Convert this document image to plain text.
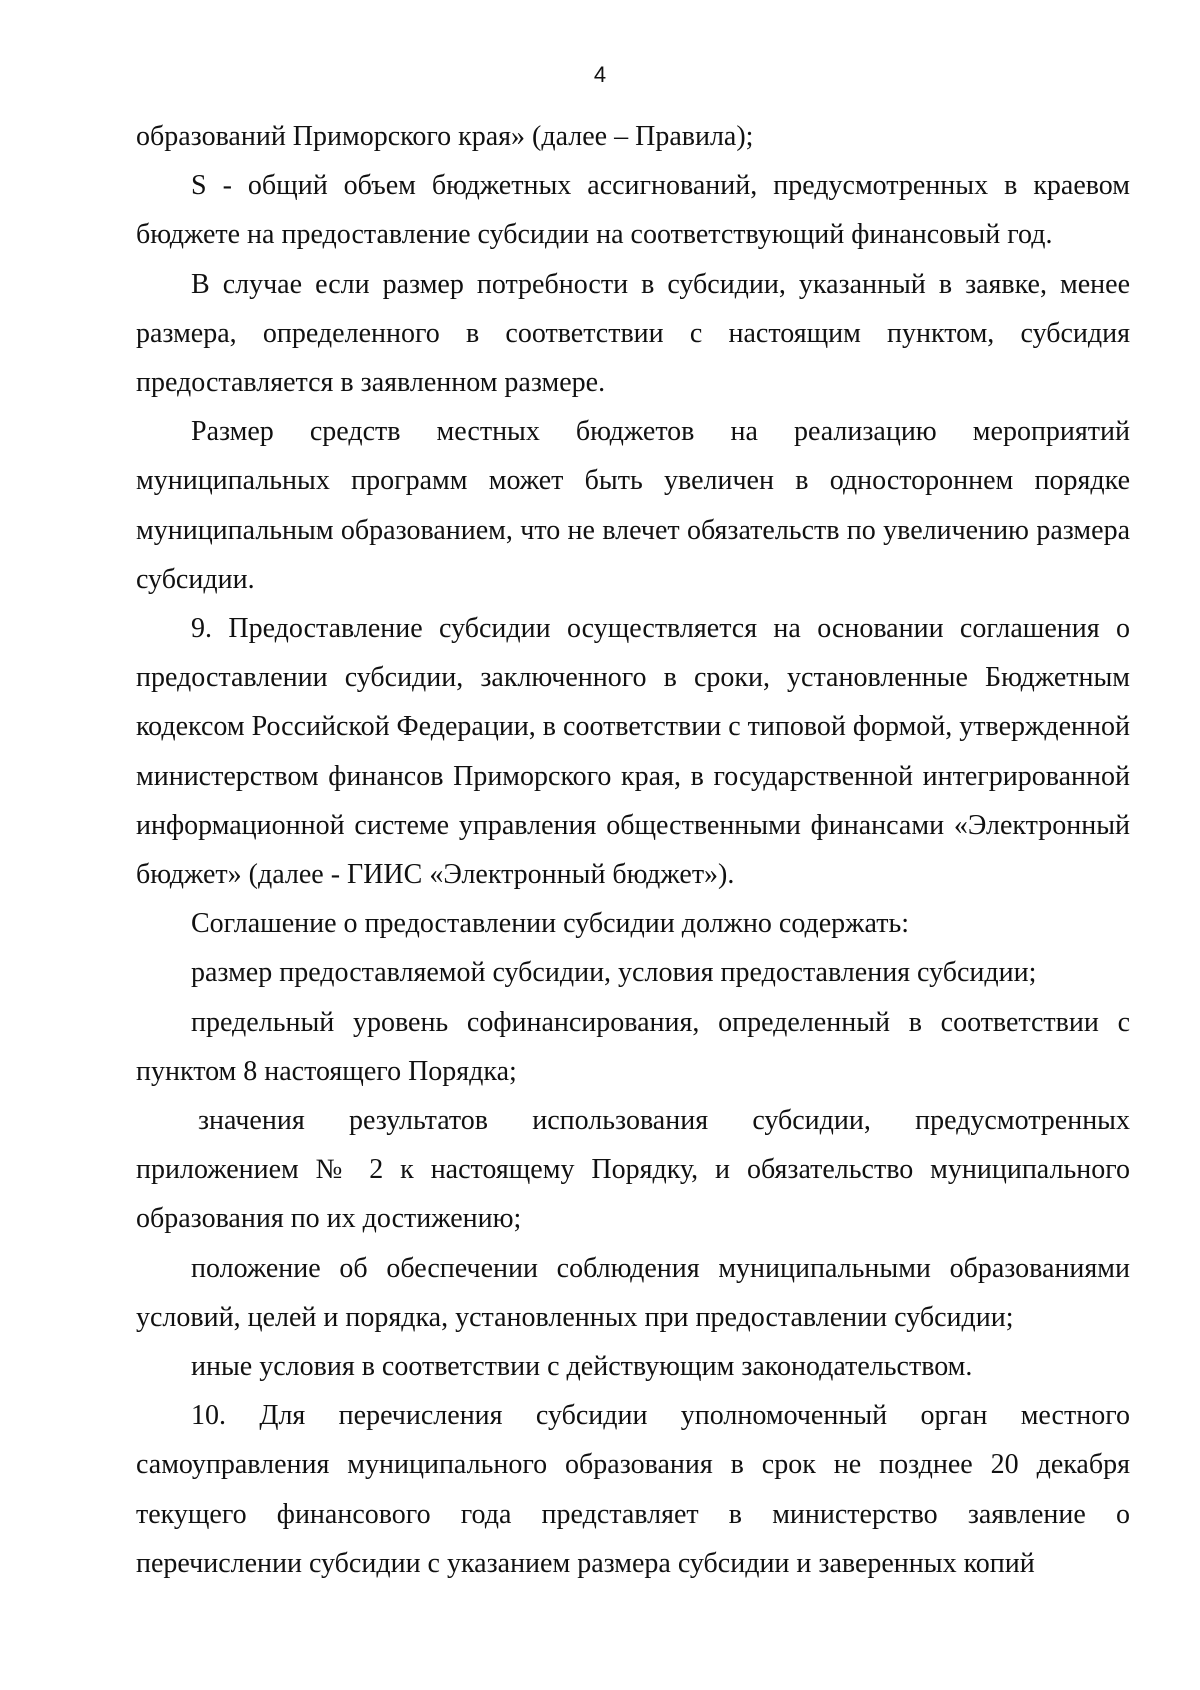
4

образований Приморского края» (далее – Правила);

S - общий объем бюджетных ассигнований, предусмотренных в краевом бюджете на предоставление субсидии на соответствующий финансовый год.

В случае если размер потребности в субсидии, указанный в заявке, менее размера, определенного в соответствии с настоящим пунктом, субсидия предоставляется в заявленном размере.

Размер средств местных бюджетов на реализацию мероприятий муниципальных программ может быть увеличен в одностороннем порядке муниципальным образованием, что не влечет обязательств по увеличению размера субсидии.

9. Предоставление субсидии осуществляется на основании соглашения о предоставлении субсидии, заключенного в сроки, установленные Бюджетным кодексом Российской Федерации, в соответствии с типовой формой, утвержденной министерством финансов Приморского края, в государственной интегрированной информационной системе управления общественными финансами «Электронный бюджет» (далее - ГИИС «Электронный бюджет»).

Соглашение о предоставлении субсидии должно содержать:

размер предоставляемой субсидии, условия предоставления субсидии;

предельный уровень софинансирования, определенный в соответствии с пунктом 8 настоящего Порядка;

значения результатов использования субсидии, предусмотренных приложением № 2 к настоящему Порядку, и обязательство муниципального образования по их достижению;

положение об обеспечении соблюдения муниципальными образованиями условий, целей и порядка, установленных при предоставлении субсидии;

иные условия в соответствии с действующим законодательством.

10. Для перечисления субсидии уполномоченный орган местного самоуправления муниципального образования в срок не позднее 20 декабря текущего финансового года представляет в министерство заявление о перечислении субсидии с указанием размера субсидии и заверенных копий
